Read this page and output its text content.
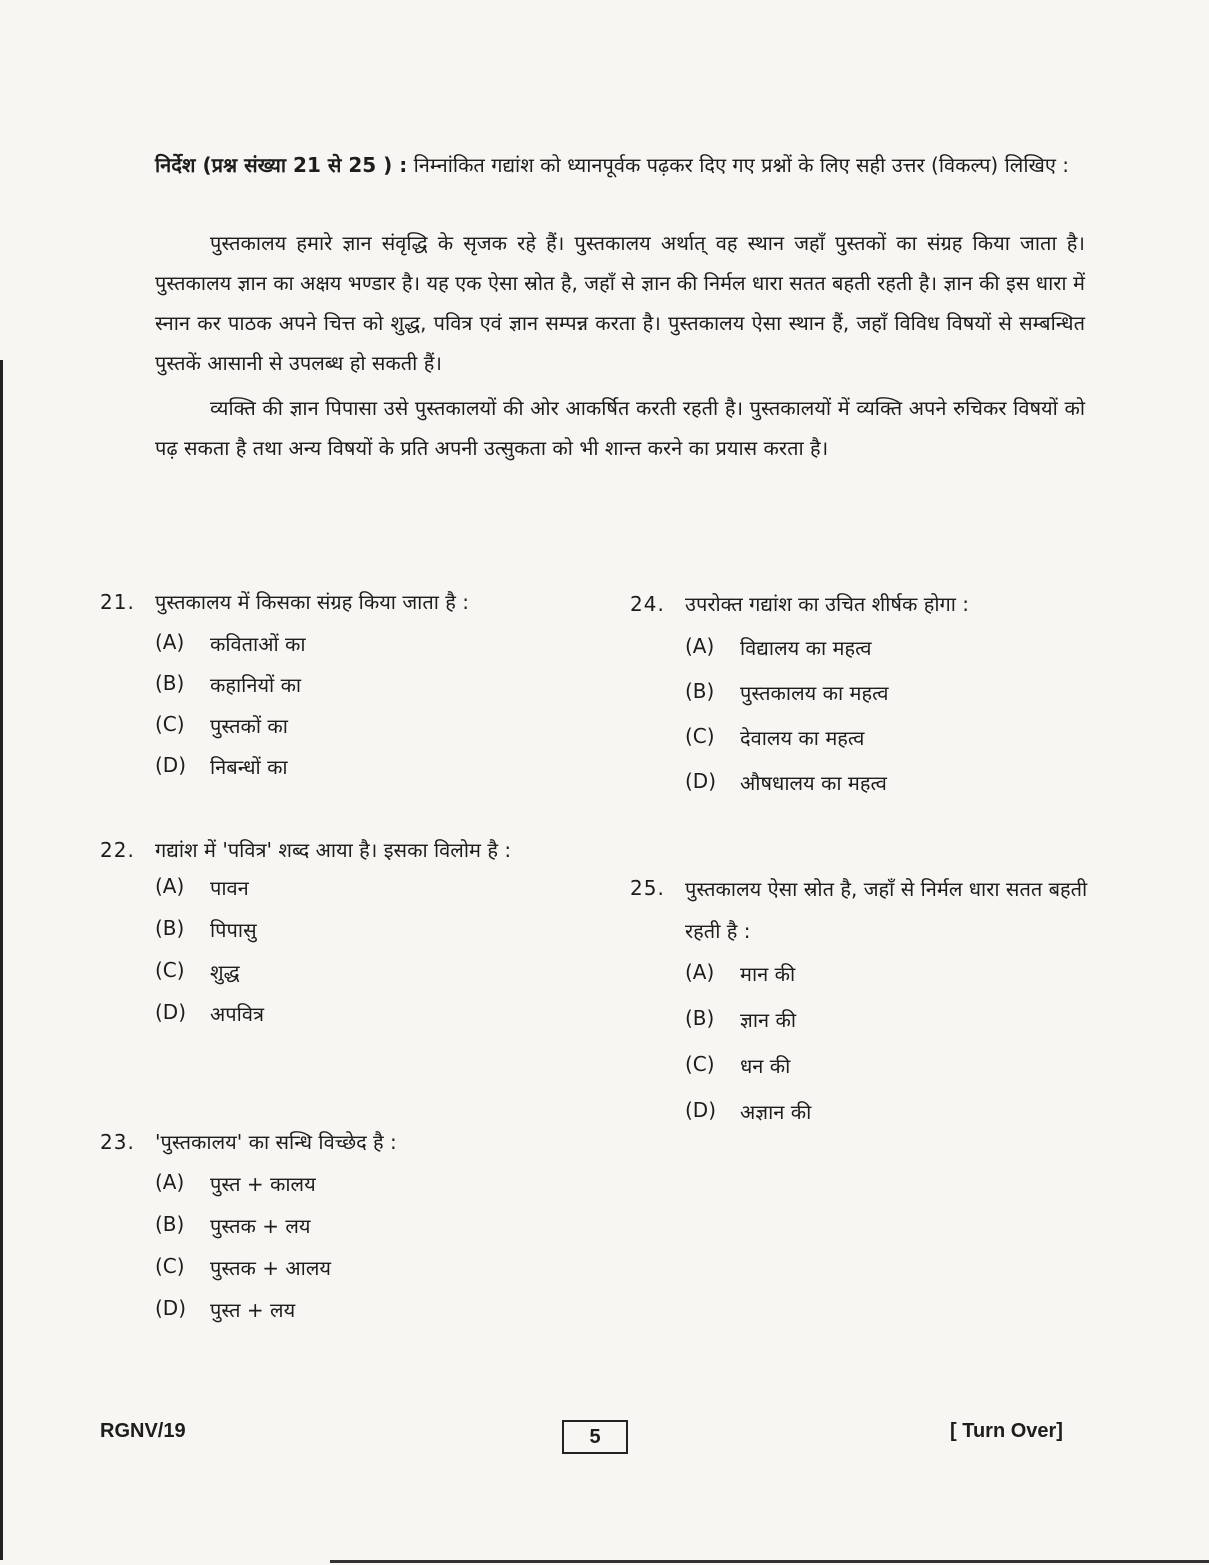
निर्देश (प्रश्न संख्या 21 से 25 ) : निम्नांकित गद्यांश को ध्यानपूर्वक पढ़कर दिए गए प्रश्नों के लिए सही उत्तर (विकल्प) लिखिए :

पुस्तकालय हमारे ज्ञान संवृद्धि के सृजक रहे हैं। पुस्तकालय अर्थात् वह स्थान जहाँ पुस्तकों का संग्रह किया जाता है। पुस्तकालय ज्ञान का अक्षय भण्डार है। यह एक ऐसा स्रोत है, जहाँ से ज्ञान की निर्मल धारा सतत बहती रहती है। ज्ञान की इस धारा में स्नान कर पाठक अपने चित्त को शुद्ध, पवित्र एवं ज्ञान सम्पन्न करता है। पुस्तकालय ऐसा स्थान हैं, जहाँ विविध विषयों से सम्बन्धित पुस्तकें आसानी से उपलब्ध हो सकती हैं।

व्यक्ति की ज्ञान पिपासा उसे पुस्तकालयों की ओर आकर्षित करती रहती है। पुस्तकालयों में व्यक्ति अपने रुचिकर विषयों को पढ़ सकता है तथा अन्य विषयों के प्रति अपनी उत्सुकता को भी शान्त करने का प्रयास करता है।

21.	पुस्तकालय में किसका संग्रह किया जाता है :
(A)	कविताओं का
(B)	कहानियों का
(C)	पुस्तकों का
(D)	निबन्धों का
22.	गद्यांश में 'पवित्र' शब्द आया है। इसका विलोम है :
(A)	पावन
(B)	पिपासु
(C)	शुद्ध
(D)	अपवित्र
23.	'पुस्तकालय' का सन्धि विच्छेद है :
(A)	पुस्त + कालय
(B)	पुस्तक + लय
(C)	पुस्तक + आलय
(D)	पुस्त + लय
24.	उपरोक्त गद्यांश का उचित शीर्षक होगा :
(A)	विद्यालय का महत्व
(B)	पुस्तकालय का महत्व
(C)	देवालय का महत्व
(D)	औषधालय का महत्व
25.	पुस्तकालय ऐसा स्रोत है, जहाँ से निर्मल धारा सतत बहती रहती है :
(A)	मान की
(B)	ज्ञान की
(C)	धन की
(D)	अज्ञान की
RGNV/19	5	[ Turn Over]
